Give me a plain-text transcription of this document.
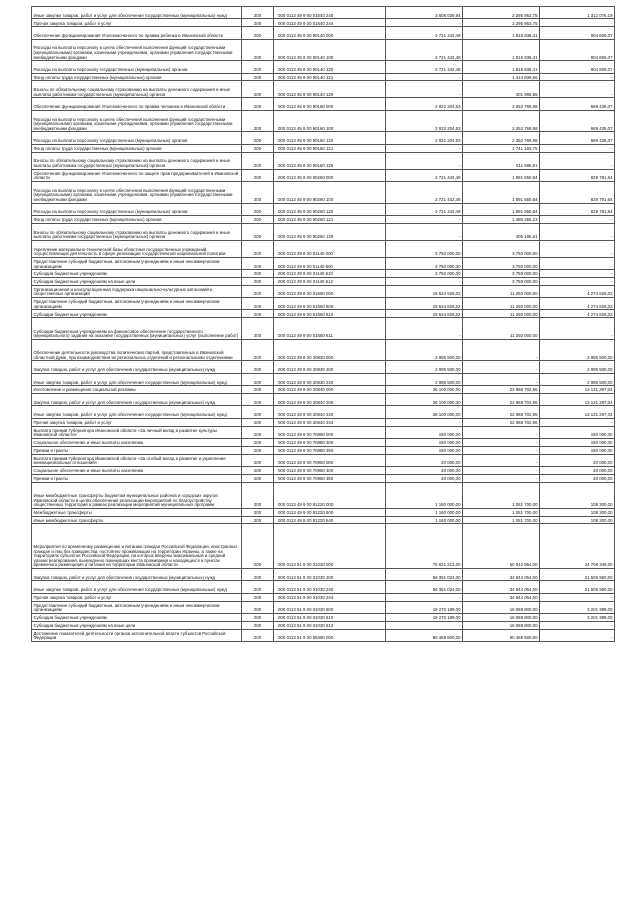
Иные закупки товаров, работ и услуг для обеспечения государственных (муниципальных) нужд	200	000 0113 49 9 00 01540 240	3 608 029,94	2 295 953,75	1 312 076,19
Прочая закупка товаров, работ и услуг	200	000 0113 49 9 00 01540 244	-	2 295 953,75	-
Обеспечение функционирования Уполномоченного по правам ребенка в Ивановской области	200	000 0113 45 9 00 90140 000	2 721 442,48	1 816 836,41	904 606,07
Расходы на выплаты персоналу в целях обеспечения выполнения функций государственными (муниципальными) органами, казенными учреждениями, органами управления государственными внебюджетными фондами	200	000 0113 45 9 00 90140 100	2 721 442,48	1 816 836,41	904 606,07
Расходы на выплаты персоналу государственных (муниципальных) органов	200	000 0113 45 9 00 90140 120	2 721 442,48	1 816 836,41	904 606,07
Фонд оплаты труда государственных (муниципальных) органов	200	000 0113 45 9 00 90140 121	-	1 414 839,56	-
Взносы по обязательному социальному страхованию на выплаты денежного содержания и иные выплаты работникам государственных (муниципальных) органов	200	000 0113 45 9 00 90140 129	-	401 996,85	-
Обеспечение функционирования Уполномоченного по правам человека в Ивановской области	200	000 0113 45 9 00 90160 000	2 922 204,63	2 252 769,98	669 435,07
Расходы на выплаты персоналу в целях обеспечения выполнения функций государственными (муниципальными) органами, казенными учреждениями, органами управления государственными внебюджетными фондами	200	000 0113 45 9 00 90160 100	2 922 204,63	2 252 769,98	669 435,07
Расходы на выплаты персоналу государственных (муниципальных) органов	200	000 0113 45 9 00 90160 120	2 922 204,63	2 252 769,98	669 435,07
Фонд оплаты труда государственных (муниципальных) органов	200	000 0113 45 9 00 90160 121	-	1 741 183,75	-
Взносы по обязательному социальному страхованию на выплаты денежного содержания и иные выплаты работникам государственных (муниципальных) органов	200	000 0113 45 9 00 90160 129	-	511 585,81	-
Обеспечение функционирования Уполномоченного по защите прав предпринимателей в Ивановской области	200	000 0113 45 9 00 90260 000	2 721 442,48	1 891 650,84	829 791,64
Расходы на выплаты персоналу в целях обеспечения выполнения функций государственными (муниципальными) органами, казенными учреждениями, органами управления государственными внебюджетными фондами	200	000 0113 45 9 00 90260 100	2 721 442,48	1 891 650,84	829 791,64
Расходы на выплаты персоналу государственных (муниципальных) органов	200	000 0113 45 9 00 90260 120	2 721 442,48	1 891 650,84	829 791,64
Фонд оплаты труда государственных (муниципальных) органов	200	000 0113 45 9 00 90260 121	-	1 486 455,23	-
Взносы по обязательному социальному страхованию на выплаты денежного содержания и иные выплаты работникам государственных (муниципальных) органов	200	000 0113 45 9 00 90260 129	-	405 195,61	-
Укрепление материально-технической базы областных государственных учреждений, осуществляющих деятельность в сфере реализации государственной национальной политики	200	000 0113 49 9 00 01140 000	3 750 000,00	3 750 000,00	-
Предоставление субсидий бюджетным, автономным учреждениям и иным некоммерческим организациям	200	000 0113 49 9 00 01140 600	3 750 000,00	3 750 000,00	-
Субсидии бюджетным учреждениям	200	000 0113 49 9 00 01140 610	3 750 000,00	3 750 000,00	-
Субсидии бюджетным учреждениям на иные цели	200	000 0113 49 9 00 01140 612	-	3 750 000,00	-
Организационная и консультационная поддержка национально-культурных автономий и общественных организаций	200	000 0113 49 9 00 01550 000	15 524 625,02	11 250 000,00	4 274 625,02
Предоставление субсидий бюджетным, автономным учреждениям и иным некоммерческим организациям	200	000 0113 49 9 00 01550 600	15 524 625,02	11 250 000,00	4 274 625,02
Субсидии бюджетным учреждениям	200	000 0113 49 9 00 01550 610	15 524 625,02	11 250 000,00	4 274 625,02
Субсидии бюджетным учреждениям на финансовое обеспечение государственного (муниципального) задания на оказание государственных (муниципальных) услуг (выполнение работ)	200	000 0113 49 9 00 01550 611	-	11 250 000,00	-
Обеспечение деятельности руководства политических партий, представленных в Ивановской областной Думе, при взаимодействии их региональных отделений и региональными отделениями	200	000 0113 49 9 00 20830 000	2 995 500,00	-	2 995 500,00
Закупка товаров, работ и услуг для обеспечения государственных (муниципальных) нужд	200	000 0113 49 9 00 20830 200	2 995 500,00	-	2 995 500,00
Иные закупки товаров, работ и услуг для обеспечения государственных (муниципальных) нужд	200	000 0113 49 9 00 20830 240	2 995 500,00	-	2 995 500,00
Изготовление и размещение социальной рекламы	200	000 0113 49 9 00 20840 000	36 100 000,00	22 968 702,96	13 131 297,04
Закупка товаров, работ и услуг для обеспечения государственных (муниципальных) нужд	200	000 0113 49 9 00 20840 200	36 100 000,00	22 968 702,96	13 131 297,04
Иные закупки товаров, работ и услуг для обеспечения государственных (муниципальных) нужд	200	000 0113 49 9 00 20840 240	36 100 000,00	22 968 702,96	13 131 297,04
Прочая закупка товаров, работ и услуг	200	000 0113 49 9 00 20840 244	-	22 968 702,96	-
Выплата премии Губернатора Ивановской области «За личный вклад в развитие культуры Ивановской области»	200	000 0113 49 9 00 70850 000	150 000,00	-	150 000,00
Социальное обеспечение и иные выплаты населению	200	000 0113 49 9 00 70850 300	150 000,00	-	150 000,00
Премии и гранты	200	000 0113 49 9 00 70850 350	150 000,00	-	150 000,00
Выплата премии Губернатора Ивановской области «За особый вклад в развитие и укрепление межнациональных отношений»	200	000 0113 49 9 00 70950 000	40 000,00	-	40 000,00
Социальное обеспечение и иные выплаты населению	200	000 0113 49 9 00 70950 300	40 000,00	-	40 000,00
Премии и гранты	200	000 0113 49 9 00 70950 350	40 000,00	-	40 000,00
Иные межбюджетные трансферты бюджетам муниципальных районов и городских округов Ивановской области в целях обеспечения реализации мероприятий по благоустройству общественных территорий в рамках реализации мероприятий муниципальных программ	200	000 0113 49 9 00 81220 000	1 160 000,00	1 051 700,00	108 300,00
Межбюджетные трансферты	200	000 0113 49 9 00 81220 500	1 160 000,00	1 051 700,00	108 300,00
Иные межбюджетные трансферты	200	000 0113 49 9 00 81220 540	1 160 000,00	1 051 700,00	108 300,00
Мероприятия по временному размещению и питанию граждан Российской Федерации, иностранных граждан и лиц без гражданства, постоянно проживающих на территории Украины, а также на территориях субъектов Российской Федерации, на которых введены максимальный и средний уровни реагирования, вынужденно покинувших места проживания и находящихся в пунктах временного размещения и питания на территории Ивановской области	200	000 0113 51 9 00 01030 000	75 621 213,00	50 912 864,00	24 708 349,00
Закупка товаров, работ и услуг для обеспечения государственных (муниципальных) нужд	200	000 0113 51 9 00 01030 200	56 351 024,00	34 844 064,00	21 506 960,00
Иные закупки товаров, работ и услуг для обеспечения государственных (муниципальных) нужд	200	000 0113 51 9 00 01030 240	56 351 024,00	34 844 064,00	21 506 960,00
Прочая закупка товаров, работ и услуг	200	000 0113 51 9 00 01030 244	-	34 844 064,00	-
Предоставление субсидий бюджетным, автономным учреждениям и иным некоммерческим организациям	200	000 0113 51 9 00 01030 600	19 270 189,00	16 068 800,00	3 201 389,00
Субсидии бюджетным учреждениям	200	000 0113 51 9 00 01030 610	19 270 189,00	16 068 800,00	3 201 389,00
Субсидии бюджетным учреждениям на иные цели	200	000 0113 51 9 00 01030 612	-	16 068 800,00	-
Достижение показателей деятельности органов исполнительной власти субъектов Российской Федерации	200	000 0113 51 9 00 55490 000	90 468 500,00	90 468 500,00	-
